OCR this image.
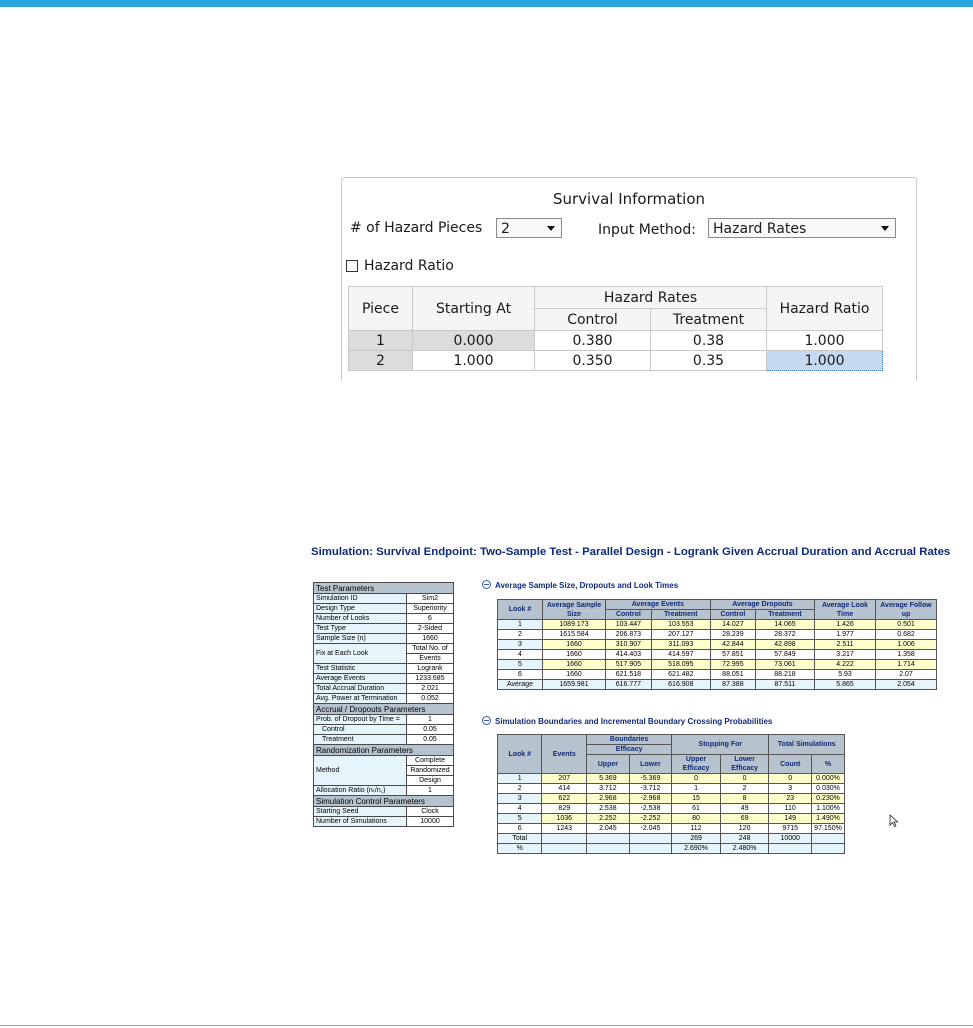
Survival Information
# of Hazard Pieces	2	Input Method:	Hazard Rates
Hazard Ratio
Piece	Starting At	Hazard Rates		Hazard Ratio
		Control	Treatment	
1	0.000	0.380	0.38	1.000
2	1.000	0.350	0.35	1.000
Simulation: Survival Endpoint: Two-Sample Test - Parallel Design - Logrank Given Accrual Duration and Accrual Rates
Test Parameters	
Simulation ID	Sim2
Design Type	Superiority
Number of Looks	6
Test Type	2-Sided
Sample Size (n)	1660
Fix at Each Look	Total No. of
	Events
Test Statistic	Logrank
Average Events	1233.685
Total Accrual Duration	2.021
Avg. Power at Termination	0.052
Accrual / Dropouts Parameters	
Prob. of Dropout by Time =	1
Control	0.05
Treatment	0.05
Randomization Parameters	
Method	Complete
	Randomized
	Design
Allocation Ratio (nₜ/n꜀)	1
Simulation Control Parameters	
Starting Seed	Clock
Number of Simulations	10000
Average Sample Size, Dropouts and Look Times
Look #	Average Sample Size	Average Events		Average Dropouts		Average Look Time	Average Follow up
		Control	Treatment	Control	Treatment		
1	1089.173	103.447	103.553	14.027	14.065	1.426	0.501
2	1615.584	206.873	207.127	28.239	28.372	1.977	0.682
3	1660	310.907	311.093	42.844	42.898	2.511	1.006
4	1660	414.403	414.597	57.851	57.849	3.217	1.358
5	1660	517.905	518.095	72.995	73.061	4.222	1.714
6	1660	621.518	621.482	88.051	88.218	5.93	2.07
Average	1659.981	616.777	616.908	87.388	87.511	5.865	2.054
Simulation Boundaries and Incremental Boundary Crossing Probabilities
Look #	Events	Boundaries		Stopping For		Total Simulations	
		Efficacy					
		Upper	Lower	Upper Efficacy	Lower Efficacy	Count	%
1	207	5.369	-5.369	0	0	0	0.000%
2	414	3.712	-3.712	1	2	3	0.030%
3	622	2.968	-2.968	15	8	23	0.230%
4	829	2.538	-2.538	61	49	110	1.100%
5	1036	2.252	-2.252	80	69	149	1.490%
6	1243	2.045	-2.045	112	120	9715	97.150%
Total				269	248	10000	
%				2.690%	2.480%		
